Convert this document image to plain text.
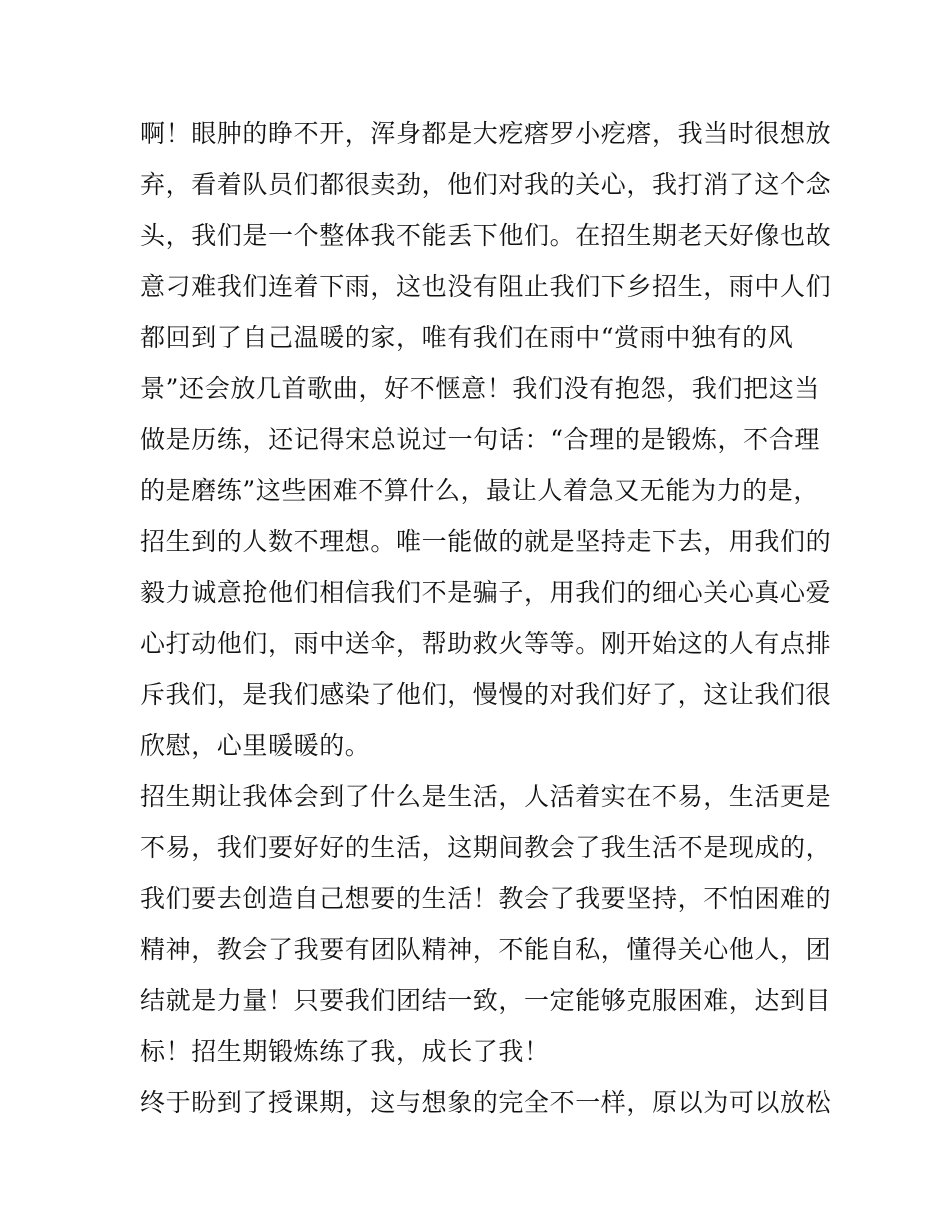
啊！眼肿的睁不开，浑身都是大疙瘩罗小疙瘩，我当时很想放
弃，看着队员们都很卖劲，他们对我的关心，我打消了这个念
头，我们是一个整体我不能丢下他们。在招生期老天好像也故
意刁难我们连着下雨，这也没有阻止我们下乡招生，雨中人们
都回到了自己温暖的家，唯有我们在雨中“赏雨中独有的风
景”还会放几首歌曲，好不惬意！我们没有抱怨，我们把这当
做是历练，还记得宋总说过一句话：“合理的是锻炼，不合理
的是磨练”这些困难不算什么，最让人着急又无能为力的是，
招生到的人数不理想。唯一能做的就是坚持走下去，用我们的
毅力诚意抢他们相信我们不是骗子，用我们的细心关心真心爱
心打动他们，雨中送伞，帮助救火等等。刚开始这的人有点排
斥我们，是我们感染了他们，慢慢的对我们好了，这让我们很
欣慰，心里暖暖的。
招生期让我体会到了什么是生活，人活着实在不易，生活更是
不易，我们要好好的生活，这期间教会了我生活不是现成的，
我们要去创造自己想要的生活！教会了我要坚持，不怕困难的
精神，教会了我要有团队精神，不能自私，懂得关心他人，团
结就是力量！只要我们团结一致，一定能够克服困难，达到目
标！招生期锻炼练了我，成长了我！
终于盼到了授课期，这与想象的完全不一样，原以为可以放松
